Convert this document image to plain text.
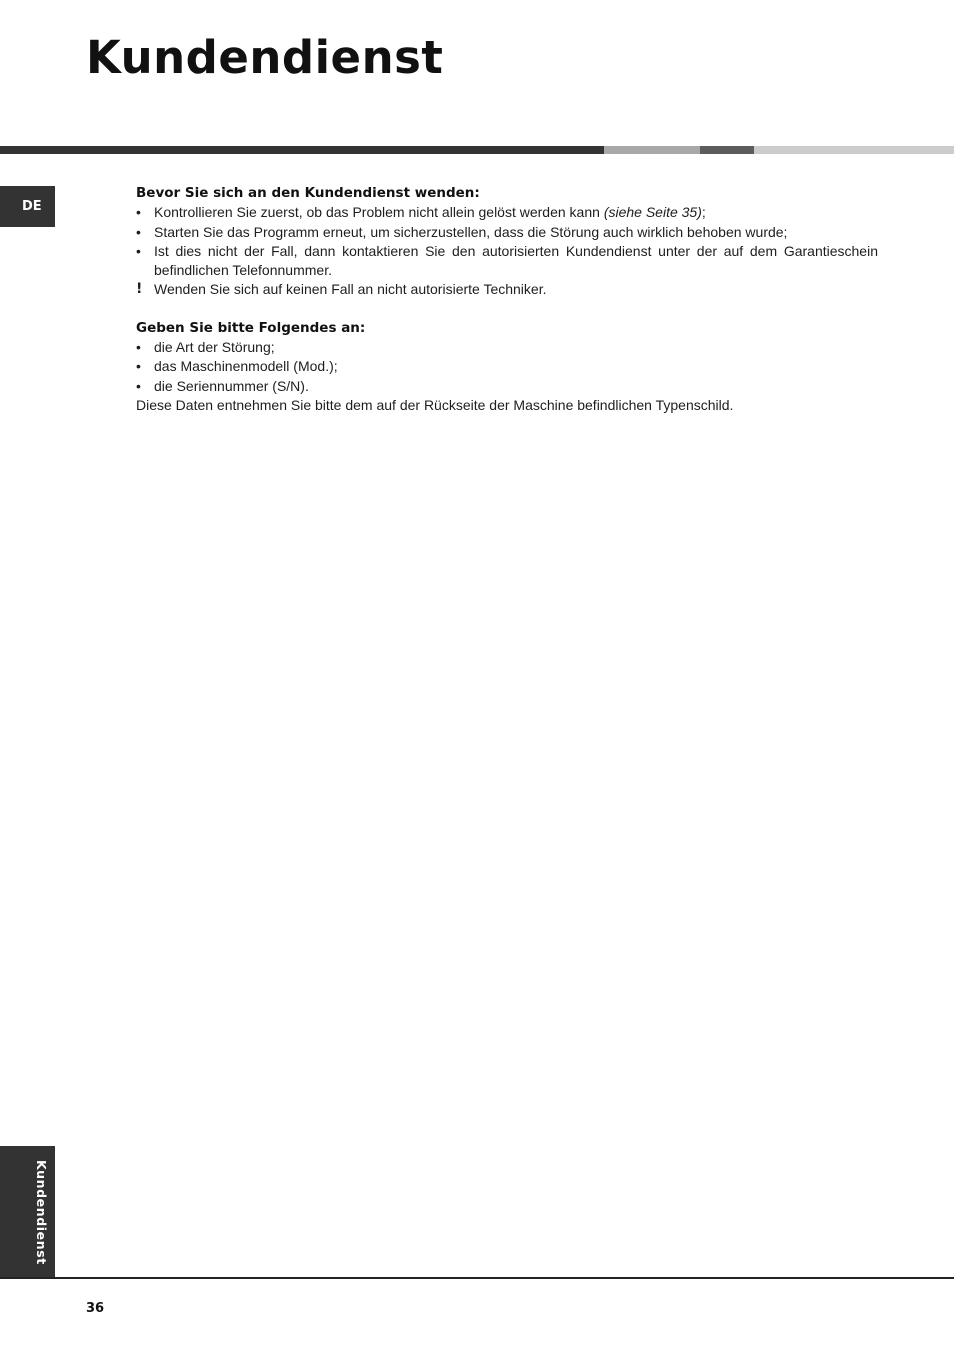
Kundendienst
DE

Bevor Sie sich an den Kundendienst wenden:

• Kontrollieren Sie zuerst, ob das Problem nicht allein gelöst werden kann (siehe Seite 35);
• Starten Sie das Programm erneut, um sicherzustellen, dass die Störung auch wirklich behoben wurde;
• Ist dies nicht der Fall, dann kontaktieren Sie den autorisierten Kundendienst unter der auf dem Garantieschein befindlichen Telefonnummer.
! Wenden Sie sich auf keinen Fall an nicht autorisierte Techniker.

Geben Sie bitte Folgendes an:

• die Art der Störung;
• das Maschinenmodell (Mod.);
• die Seriennummer (S/N).

Diese Daten entnehmen Sie bitte dem auf der Rückseite der Maschine befindlichen Typenschild.

Kundendienst
36
